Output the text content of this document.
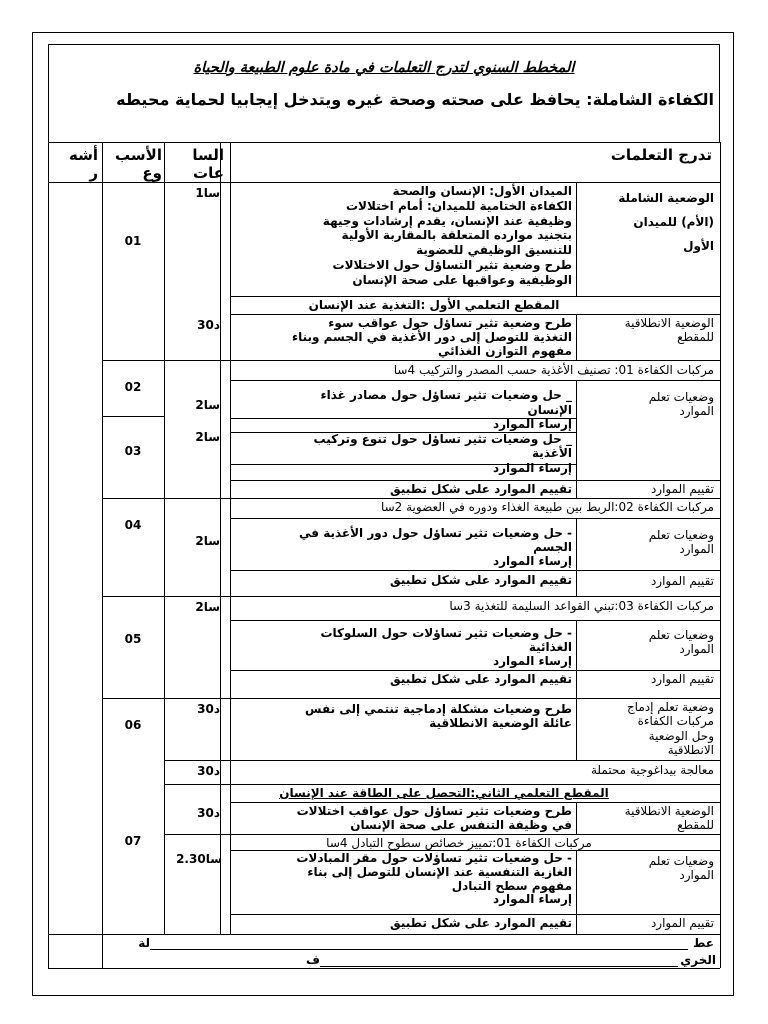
المخطط السنوي لتدرج التعلمات في مادة علوم الطبيعة والحياة
الكفاءة الشاملة: يحافظ على صحته وصحة غيره ويتدخل إيجابيا لحماية محيطه
تدرج التعلمات
السا
عات
الأسب
وع
أشه
ر
الوضعية الشاملة
(الأم) للميدان
الأول
الميدان الأول: الإنسان والصحة
الكفاءة الختامية للميدان: أمام اختلالات
وظيفية عند الإنسان، يقدم إرشادات وجيهة
بتجنيد موارده المتعلقة بالمقاربة الأولية
للتنسيق الوظيفي للعضوية
طرح وضعية تثير التساؤل حول الاختلالات
الوظيفية وعواقبها على صحة الإنسان
1سا
01
المقطع التعلمي الأول :التغذية عند الإنسان
الوضعية الانطلاقية
للمقطع
طرح وضعية تثير تساؤل حول عواقب سوء
التغذية للتوصل إلى دور الأغذية في الجسم وبناء
مفهوم التوازن الغذائي
30د
مركبات الكفاءة 01: تصنيف الأغذية حسب المصدر والتركيب 4سا
وضعيات تعلم
الموارد
_ حل وضعيات تثير تساؤل حول مصادر غذاء
الإنسان
إرساء الموارد
_ حل وضعيات تثير تساؤل حول تنوع وتركيب
الأغذية
إرساء الموارد
تقييم الموارد
تقييم الموارد على شكل تطبيق
2سا
2سا
02
03
مركبات الكفاءة 02:الربط بين طبيعة الغذاء ودوره في العضوية 2سا
وضعيات تعلم
الموارد
- حل وضعيات تثير تساؤل حول دور الأغذية في
الجسم
إرساء الموارد
تقييم الموارد
تقييم الموارد على شكل تطبيق
2سا
04
مركبات الكفاءة 03:تبني القواعد السليمة للتغذية 3سا
وضعيات تعلم
الموارد
- حل وضعيات تثير تساؤلات حول السلوكات
الغذائية
إرساء الموارد
تقييم الموارد
تقييم الموارد على شكل تطبيق
2سا
05
وضعية تعلم إدماج
مركبات الكفاءة
وحل الوضعية
الانطلاقية
طرح وضعيات مشكلة إدماجية تنتمي إلى نفس
عائلة الوضعية الانطلاقية
30د
06
معالجة بيداغوجية محتملة
30د
المقطع التعلمي الثاني:التحصل على الطاقة عند الإنسان
الوضعية الانطلاقية
للمقطع
طرح وضعيات تثير تساؤل حول عواقب اختلالات
في وظيفة التنفس على صحة الإنسان
30د
مركبات الكفاءة 01:تمييز خصائص سطوح التبادل 4سا
وضعيات تعلم
الموارد
- حل وضعيات تثير تساؤلات حول مقر المبادلات
الغازية التنفسية عند الإنسان للتوصل إلى بناء
مفهوم سطح التبادل
إرساء الموارد
2.30سا
07
تقييم الموارد
تقييم الموارد على شكل تطبيق
عط
لة
الخري
ف
